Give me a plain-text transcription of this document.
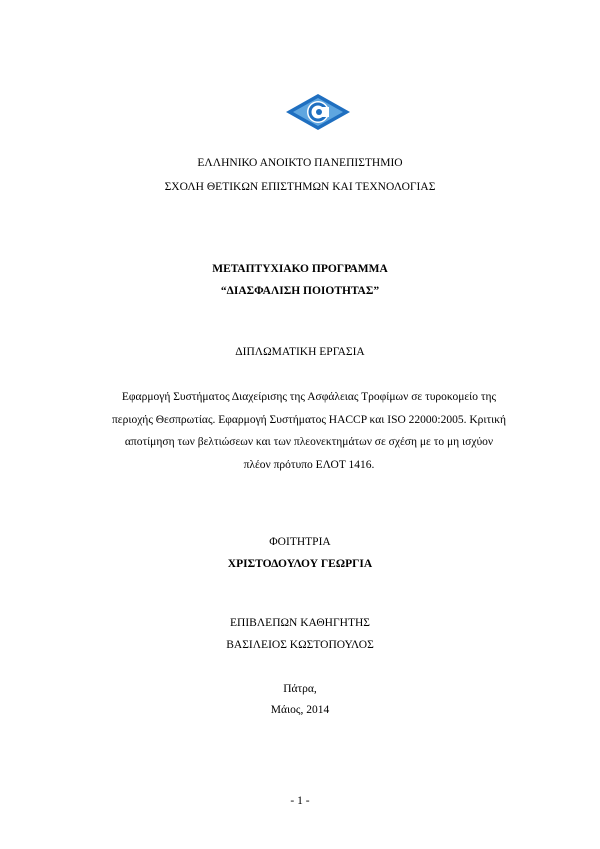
ΕΛΛΗΝΙΚΟ ΑΝΟΙΚΤΟ ΠΑΝΕΠΙΣΤΗΜΙΟ
ΣΧΟΛΗ ΘΕΤΙΚΩΝ ΕΠΙΣΤΗΜΩΝ ΚΑΙ ΤΕΧΝΟΛΟΓΙΑΣ
ΜΕΤΑΠΤΥΧΙΑΚΟ ΠΡΟΓΡΑΜΜΑ
“ΔΙΑΣΦΑΛΙΣΗ ΠΟΙΟΤΗΤΑΣ”
ΔΙΠΛΩΜΑΤΙΚΗ ΕΡΓΑΣΙΑ
Εφαρμογή Συστήματος Διαχείρισης της Ασφάλειας Τροφίμων σε τυροκομείο της περιοχής Θεσπρωτίας. Εφαρμογή Συστήματος HACCP και ISO 22000:2005. Κριτική αποτίμηση των βελτιώσεων και των πλεονεκτημάτων σε σχέση με το μη ισχύον πλέον πρότυπο ΕΛΟΤ 1416.
ΦΟΙΤΗΤΡΙΑ
ΧΡΙΣΤΟΔΟΥΛΟΥ ΓΕΩΡΓΙΑ
ΕΠΙΒΛΕΠΩΝ ΚΑΘΗΓΗΤΗΣ
ΒΑΣΙΛΕΙΟΣ ΚΩΣΤΟΠΟΥΛΟΣ
Πάτρα,
Μάιος, 2014
- 1 -
